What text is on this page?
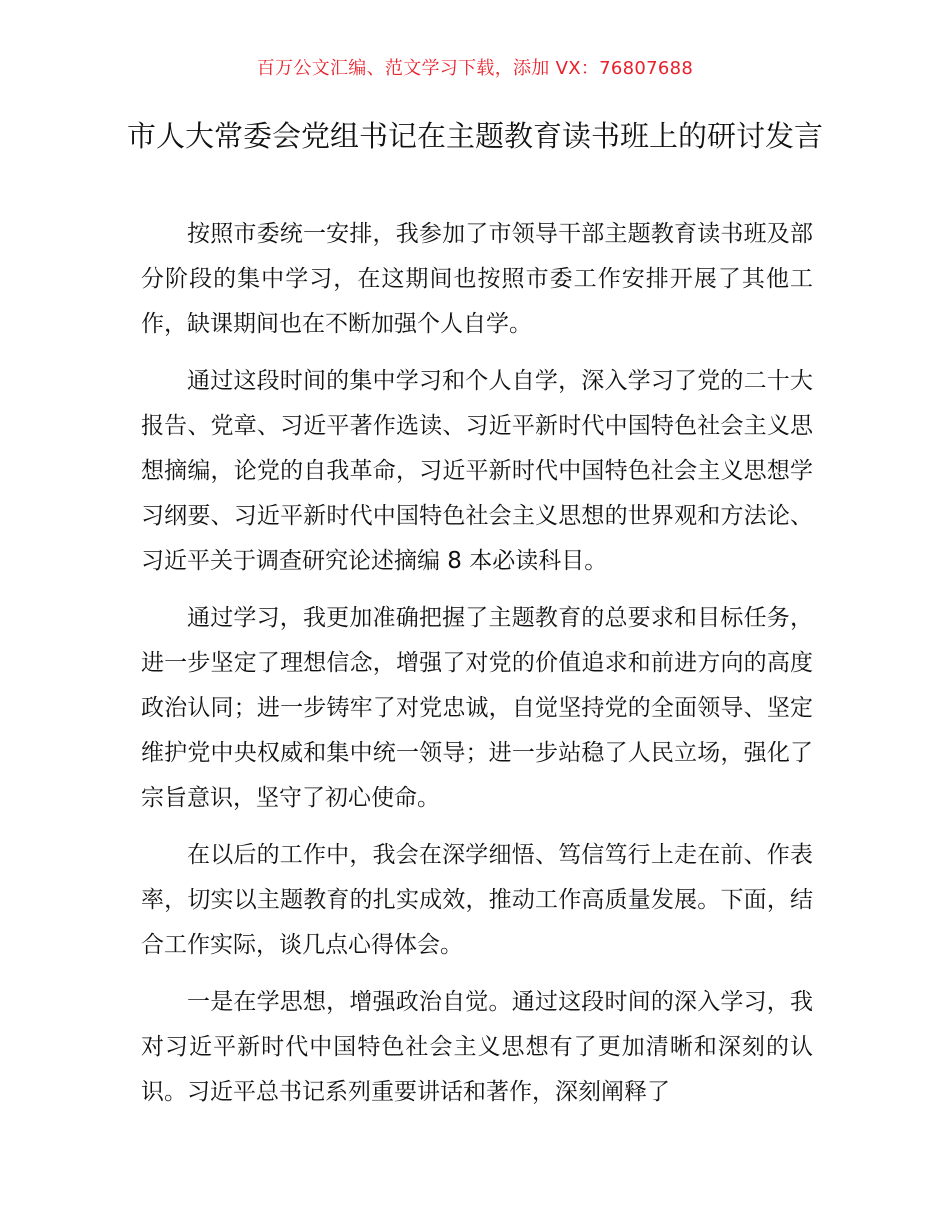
百万公文汇编、范文学习下载，添加 VX：76807688
市人大常委会党组书记在主题教育读书班上的研讨发言

按照市委统一安排，我参加了市领导干部主题教育读书班及部分阶段的集中学习，在这期间也按照市委工作安排开展了其他工作，缺课期间也在不断加强个人自学。

通过这段时间的集中学习和个人自学，深入学习了党的二十大报告、党章、习近平著作选读、习近平新时代中国特色社会主义思想摘编，论党的自我革命，习近平新时代中国特色社会主义思想学习纲要、习近平新时代中国特色社会主义思想的世界观和方法论、习近平关于调查研究论述摘编 8 本必读科目。

通过学习，我更加准确把握了主题教育的总要求和目标任务，进一步坚定了理想信念，增强了对党的价值追求和前进方向的高度政治认同；进一步铸牢了对党忠诚，自觉坚持党的全面领导、坚定维护党中央权威和集中统一领导；进一步站稳了人民立场，强化了宗旨意识，坚守了初心使命。

在以后的工作中，我会在深学细悟、笃信笃行上走在前、作表率，切实以主题教育的扎实成效，推动工作高质量发展。下面，结合工作实际，谈几点心得体会。

一是在学思想，增强政治自觉。通过这段时间的深入学习，我对习近平新时代中国特色社会主义思想有了更加清晰和深刻的认识。习近平总书记系列重要讲话和著作，深刻阐释了
